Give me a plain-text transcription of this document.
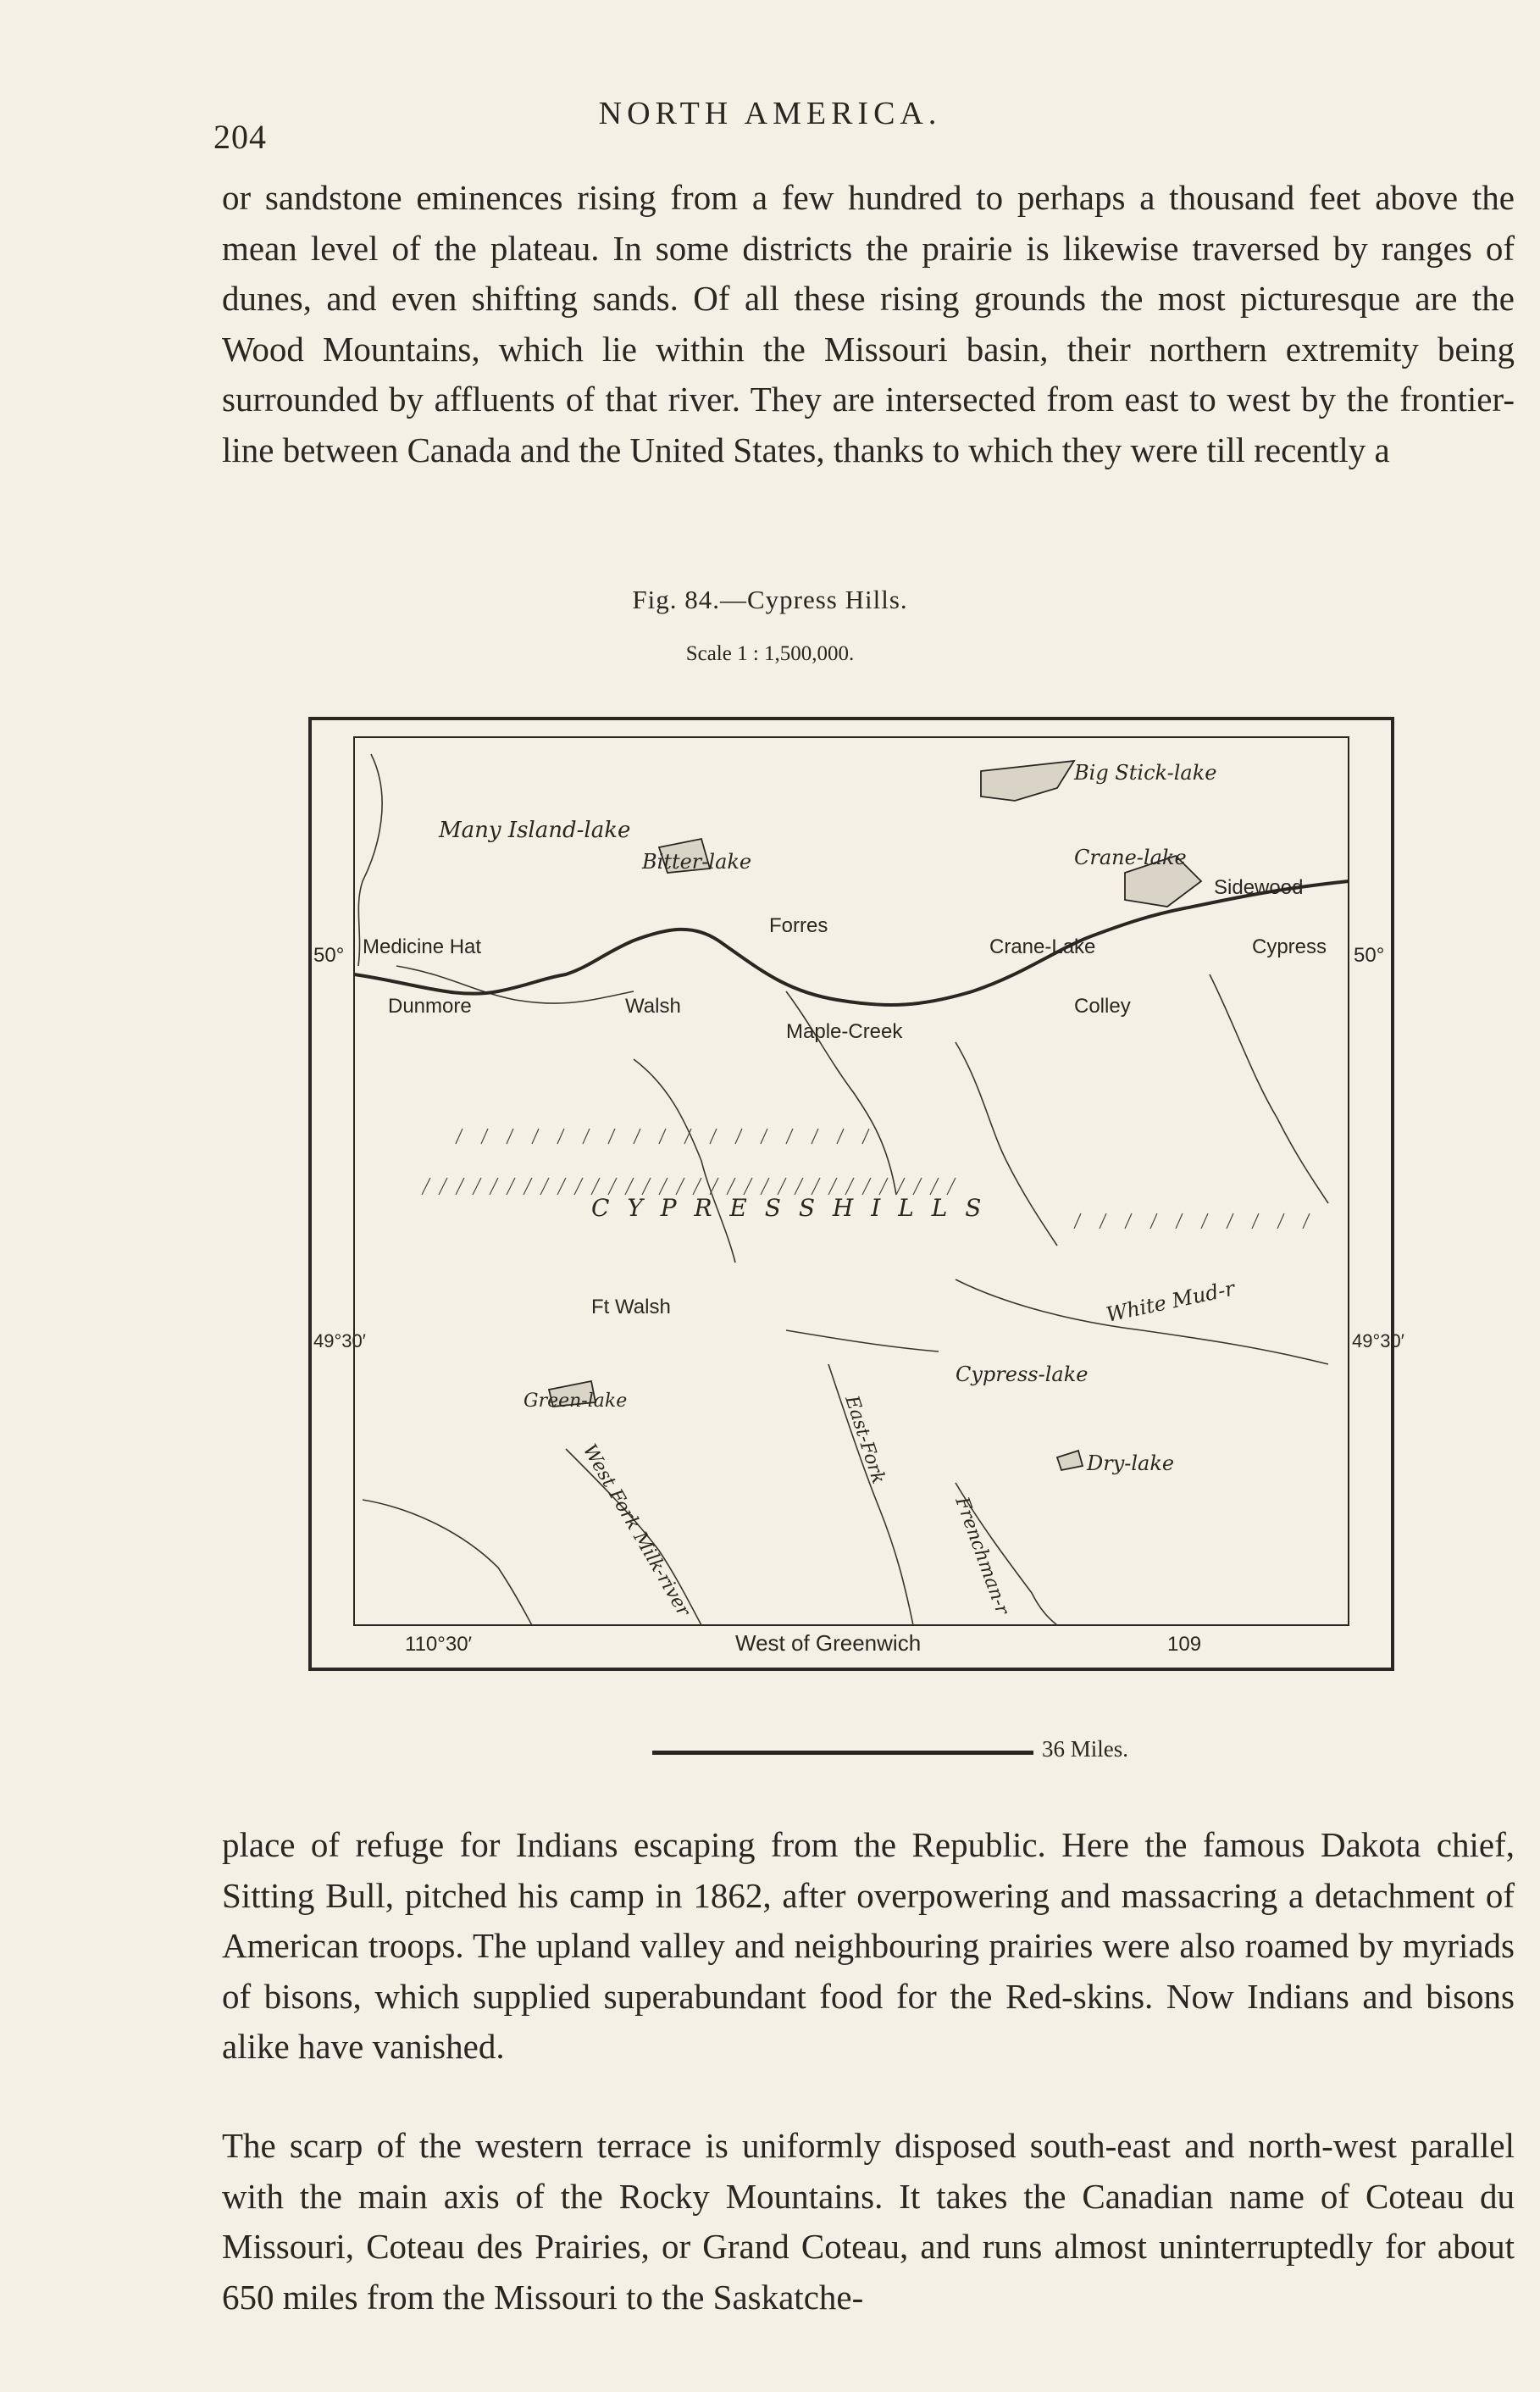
204
NORTH AMERICA.

or sandstone eminences rising from a few hundred to perhaps a thousand feet above the mean level of the plateau. In some districts the prairie is likewise traversed by ranges of dunes, and even shifting sands. Of all these rising grounds the most picturesque are the Wood Mountains, which lie within the Missouri basin, their northern extremity being surrounded by affluents of that river. They are intersected from east to west by the frontier-line between Canada and the United States, thanks to which they were till recently a

Fig. 84.—Cypress Hills.
Scale 1 : 1,500,000.
Many Island-lake
Bitter-lake
Big Stick-lake
Crane-lake
Sidewood
Forres
Crane-Lake	Cypress
Medicine Hat
Dunmore	Walsh
Maple-Creek
Colley
C Y P R E S S H I L L S
Ft Walsh	White Mud-r
Green-lake
Cypress-lake
East-Fork
West Fork Milk-river	Dry-lake
Frenchman-r
50°	50°
49°30′	49°30′
110°30′	West of Greenwich	109
36 Miles.

place of refuge for Indians escaping from the Republic. Here the famous Dakota chief, Sitting Bull, pitched his camp in 1862, after overpowering and massacring a detachment of American troops. The upland valley and neighbouring prairies were also roamed by myriads of bisons, which supplied superabundant food for the Red-skins. Now Indians and bisons alike have vanished.

The scarp of the western terrace is uniformly disposed south-east and north-west parallel with the main axis of the Rocky Mountains. It takes the Canadian name of Coteau du Missouri, Coteau des Prairies, or Grand Coteau, and runs almost uninterruptedly for about 650 miles from the Missouri to the Saskatche-
